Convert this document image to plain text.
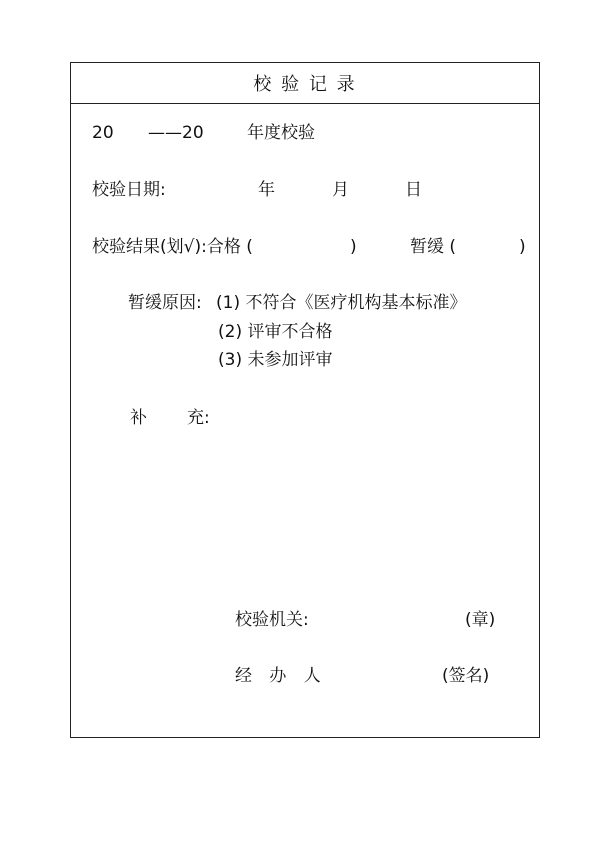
校 验 记 录
20 ——20	年度校验
校验日期:	年	月	日
校验结果(划√):合格 (	)	暂缓 (	)
暂缓原因: (1) 不符合《医疗机构基本标准》
(2) 评审不合格
(3) 未参加评审
补 充:
校验机关:	(章)
经 办 人	(签名)
